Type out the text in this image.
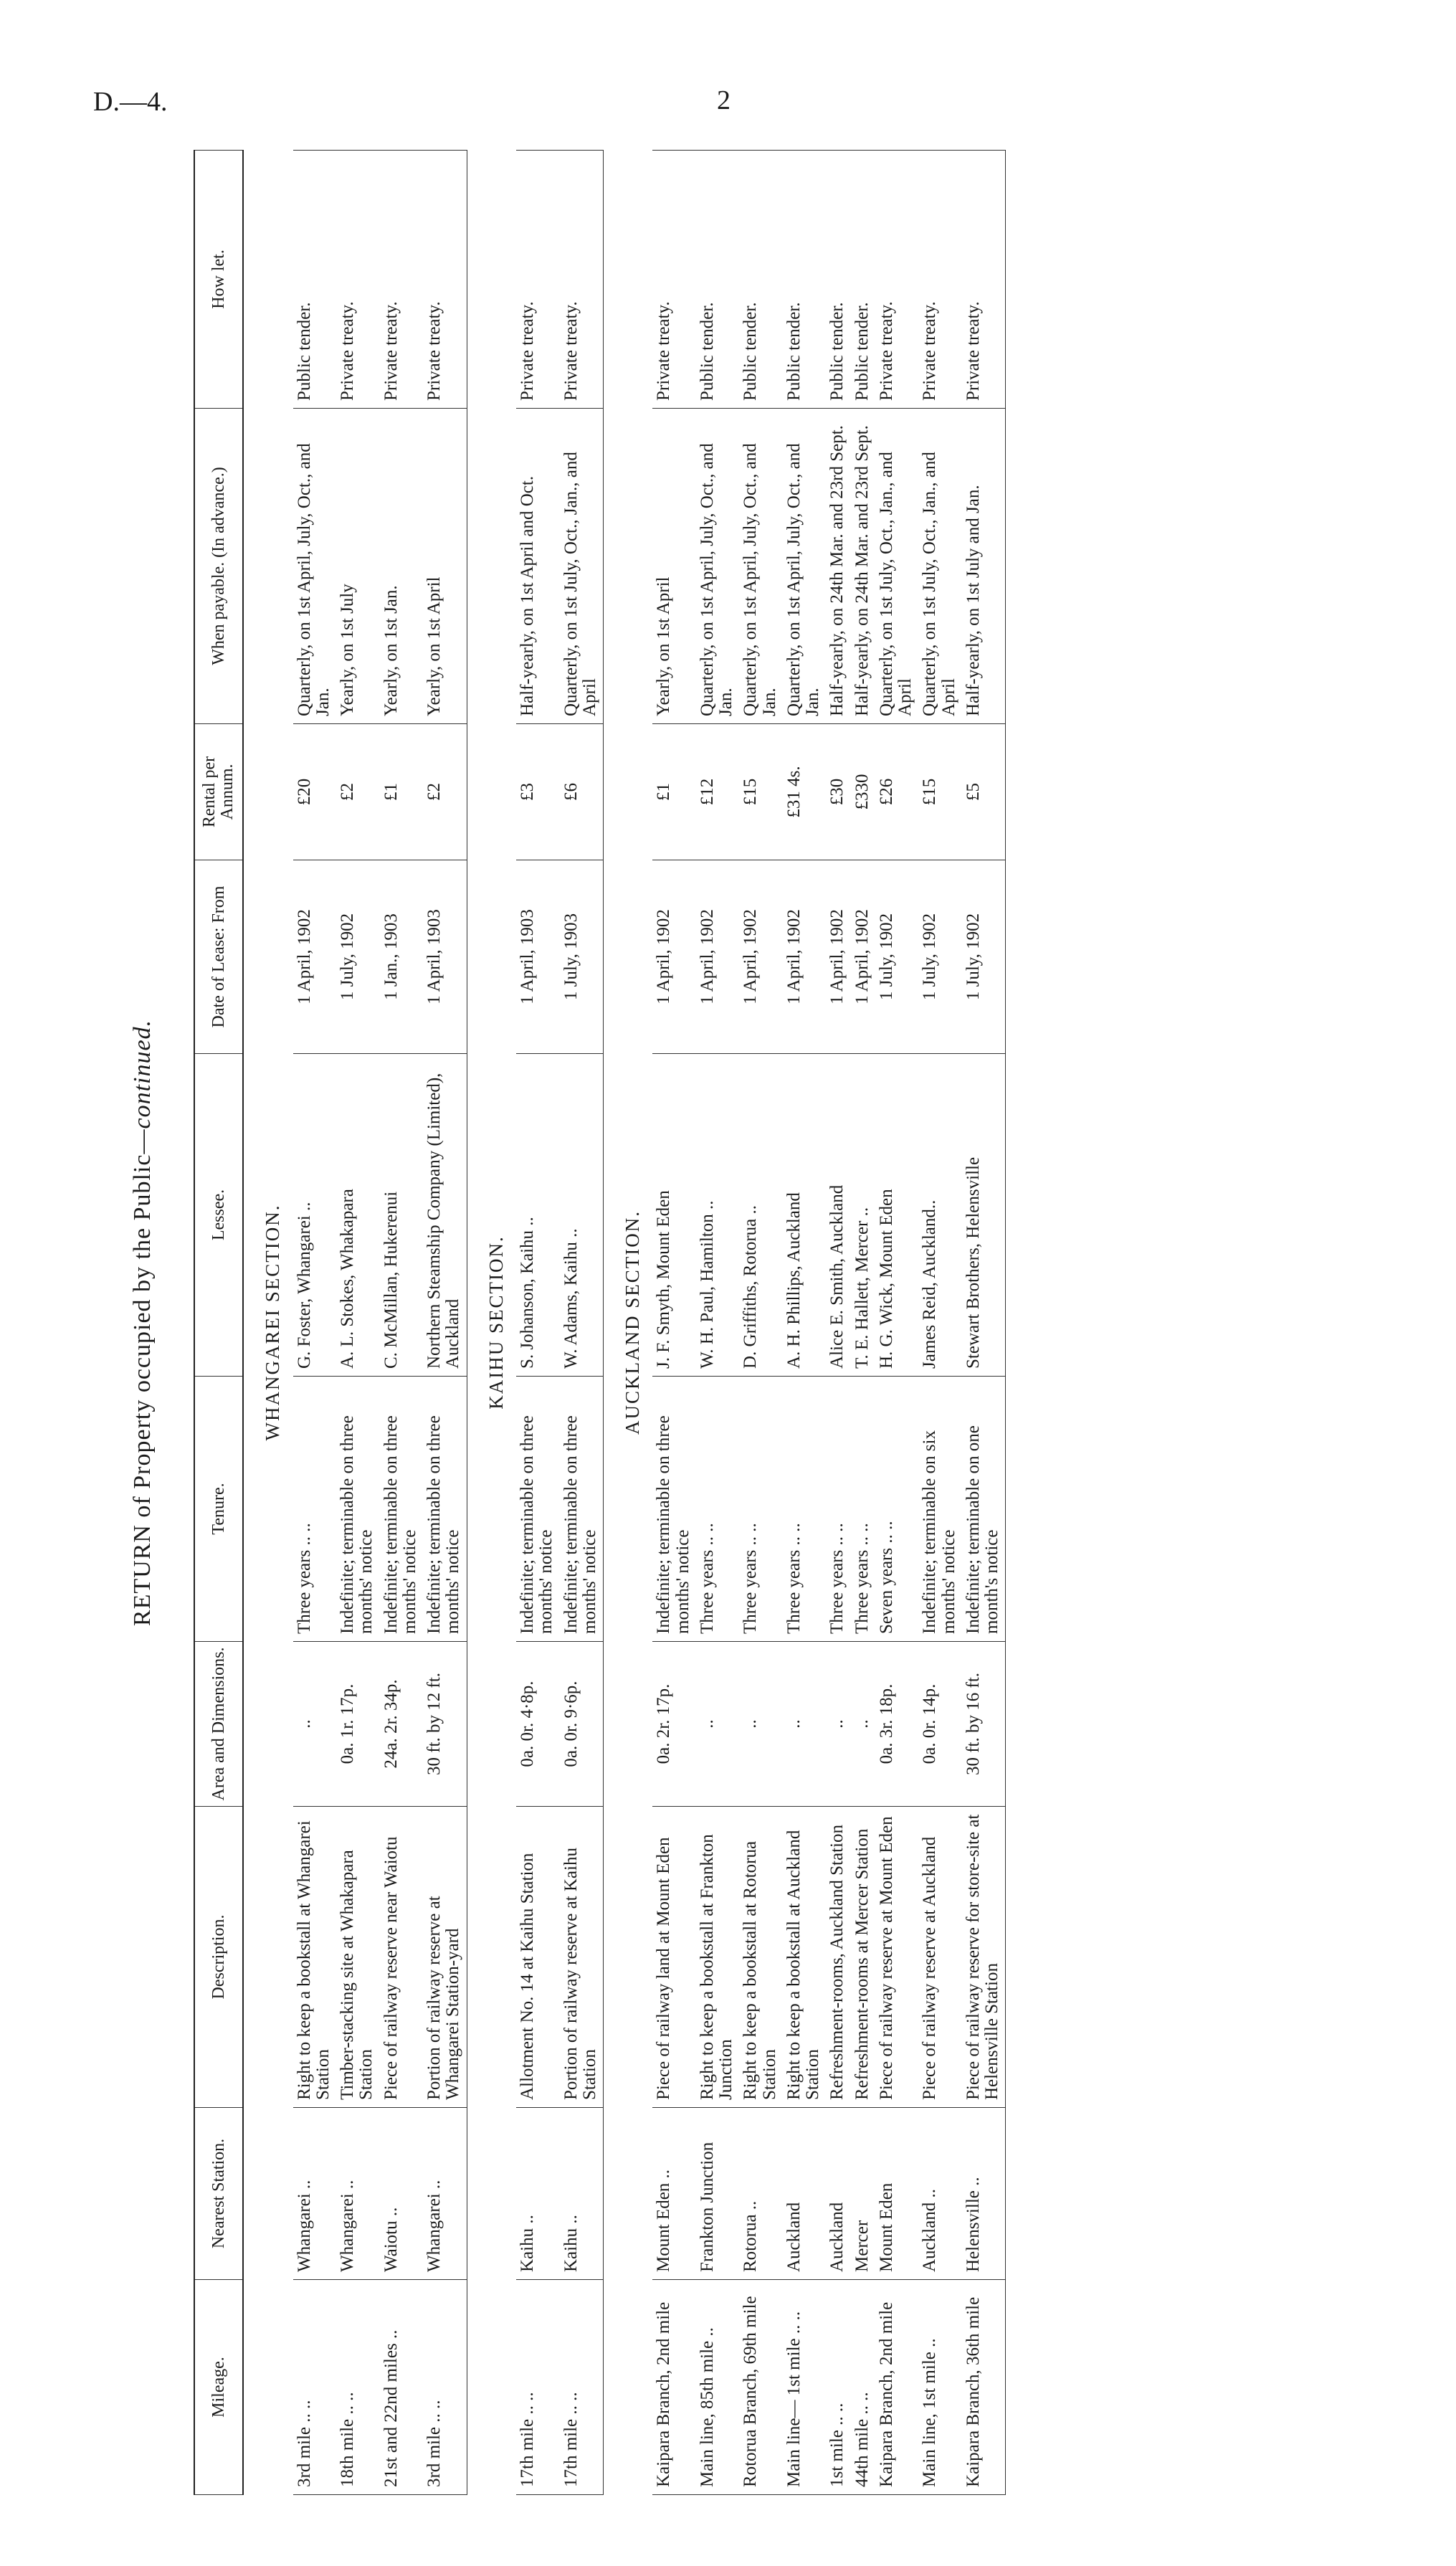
D.—4.	2
RETURN of Property occupied by the Public—continued.
Mileage.	Nearest Station.	Description.	Area and Dimensions.	Tenure.	Lessee.	Date of Lease: From	Rental per Annum.	When payable. (In advance.)	How let.
WHANGAREI SECTION.									
3rd mile .. ..	Whangarei ..	Right to keep a bookstall at Whangarei Station	..	Three years .. ..	G. Foster, Whangarei ..	1 April, 1902	£20	Quarterly, on 1st April, July, Oct., and Jan.	Public tender.
18th mile .. ..	Whangarei ..	Timber-stacking site at Whakapara Station	0a. 1r. 17p.	Indefinite; terminable on three months' notice	A. L. Stokes, Whakapara	1 July, 1902	£2	Yearly, on 1st July	Private treaty.
21st and 22nd miles ..	Waiotu ..	Piece of railway reserve near Waiotu	24a. 2r. 34p.	Indefinite; terminable on three months' notice	C. McMillan, Hukerenui	1 Jan., 1903	£1	Yearly, on 1st Jan.	Private treaty.
3rd mile .. ..	Whangarei ..	Portion of railway reserve at Whangarei Station-yard	30 ft. by 12 ft.	Indefinite; terminable on three months' notice	Northern Steamship Company (Limited), Auckland	1 April, 1903	£2	Yearly, on 1st April	Private treaty.
KAIHU SECTION.									
17th mile .. ..	Kaihu ..	Allotment No. 14 at Kaihu Station	0a. 0r. 4·8p.	Indefinite; terminable on three months' notice	S. Johanson, Kaihu ..	1 April, 1903	£3	Half-yearly, on 1st April and Oct.	Private treaty.
17th mile .. ..	Kaihu ..	Portion of railway reserve at Kaihu Station	0a. 0r. 9·6p.	Indefinite; terminable on three months' notice	W. Adams, Kaihu ..	1 July, 1903	£6	Quarterly, on 1st July, Oct., Jan., and April	Private treaty.
AUCKLAND SECTION.									
Kaipara Branch, 2nd mile	Mount Eden ..	Piece of railway land at Mount Eden	0a. 2r. 17p.	Indefinite; terminable on three months' notice	J. F. Smyth, Mount Eden	1 April, 1902	£1	Yearly, on 1st April	Private treaty.
Main line, 85th mile ..	Frankton Junction	Right to keep a bookstall at Frankton Junction	..	Three years .. ..	W. H. Paul, Hamilton ..	1 April, 1902	£12	Quarterly, on 1st April, July, Oct., and Jan.	Public tender.
Rotorua Branch, 69th mile	Rotorua ..	Right to keep a bookstall at Rotorua Station	..	Three years .. ..	D. Griffiths, Rotorua ..	1 April, 1902	£15	Quarterly, on 1st April, July, Oct., and Jan.	Public tender.
Main line— 1st mile .. ..	Auckland	Right to keep a bookstall at Auckland Station	..	Three years .. ..	A. H. Phillips, Auckland	1 April, 1902	£31 4s.	Quarterly, on 1st April, July, Oct., and Jan.	Public tender.
1st mile .. ..	Auckland	Refreshment-rooms, Auckland Station	..	Three years .. ..	Alice E. Smith, Auckland	1 April, 1902	£30	Half-yearly, on 24th Mar. and 23rd Sept.	Public tender.
44th mile .. ..	Mercer	Refreshment-rooms at Mercer Station	..	Three years .. ..	T. E. Hallett, Mercer ..	1 April, 1902	£330	Half-yearly, on 24th Mar. and 23rd Sept.	Public tender.
Kaipara Branch, 2nd mile	Mount Eden	Piece of railway reserve at Mount Eden	0a. 3r. 18p.	Seven years .. ..	H. G. Wick, Mount Eden	1 July, 1902	£26	Quarterly, on 1st July, Oct., Jan., and April	Private treaty.
Main line, 1st mile ..	Auckland ..	Piece of railway reserve at Auckland	0a. 0r. 14p.	Indefinite; terminable on six months' notice	James Reid, Auckland..	1 July, 1902	£15	Quarterly, on 1st July, Oct., Jan., and April	Private treaty.
Kaipara Branch, 36th mile	Helensville ..	Piece of railway reserve for store-site at Helensville Station	30 ft. by 16 ft.	Indefinite; terminable on one month's notice	Stewart Brothers, Helensville	1 July, 1902	£5	Half-yearly, on 1st July and Jan.	Private treaty.
